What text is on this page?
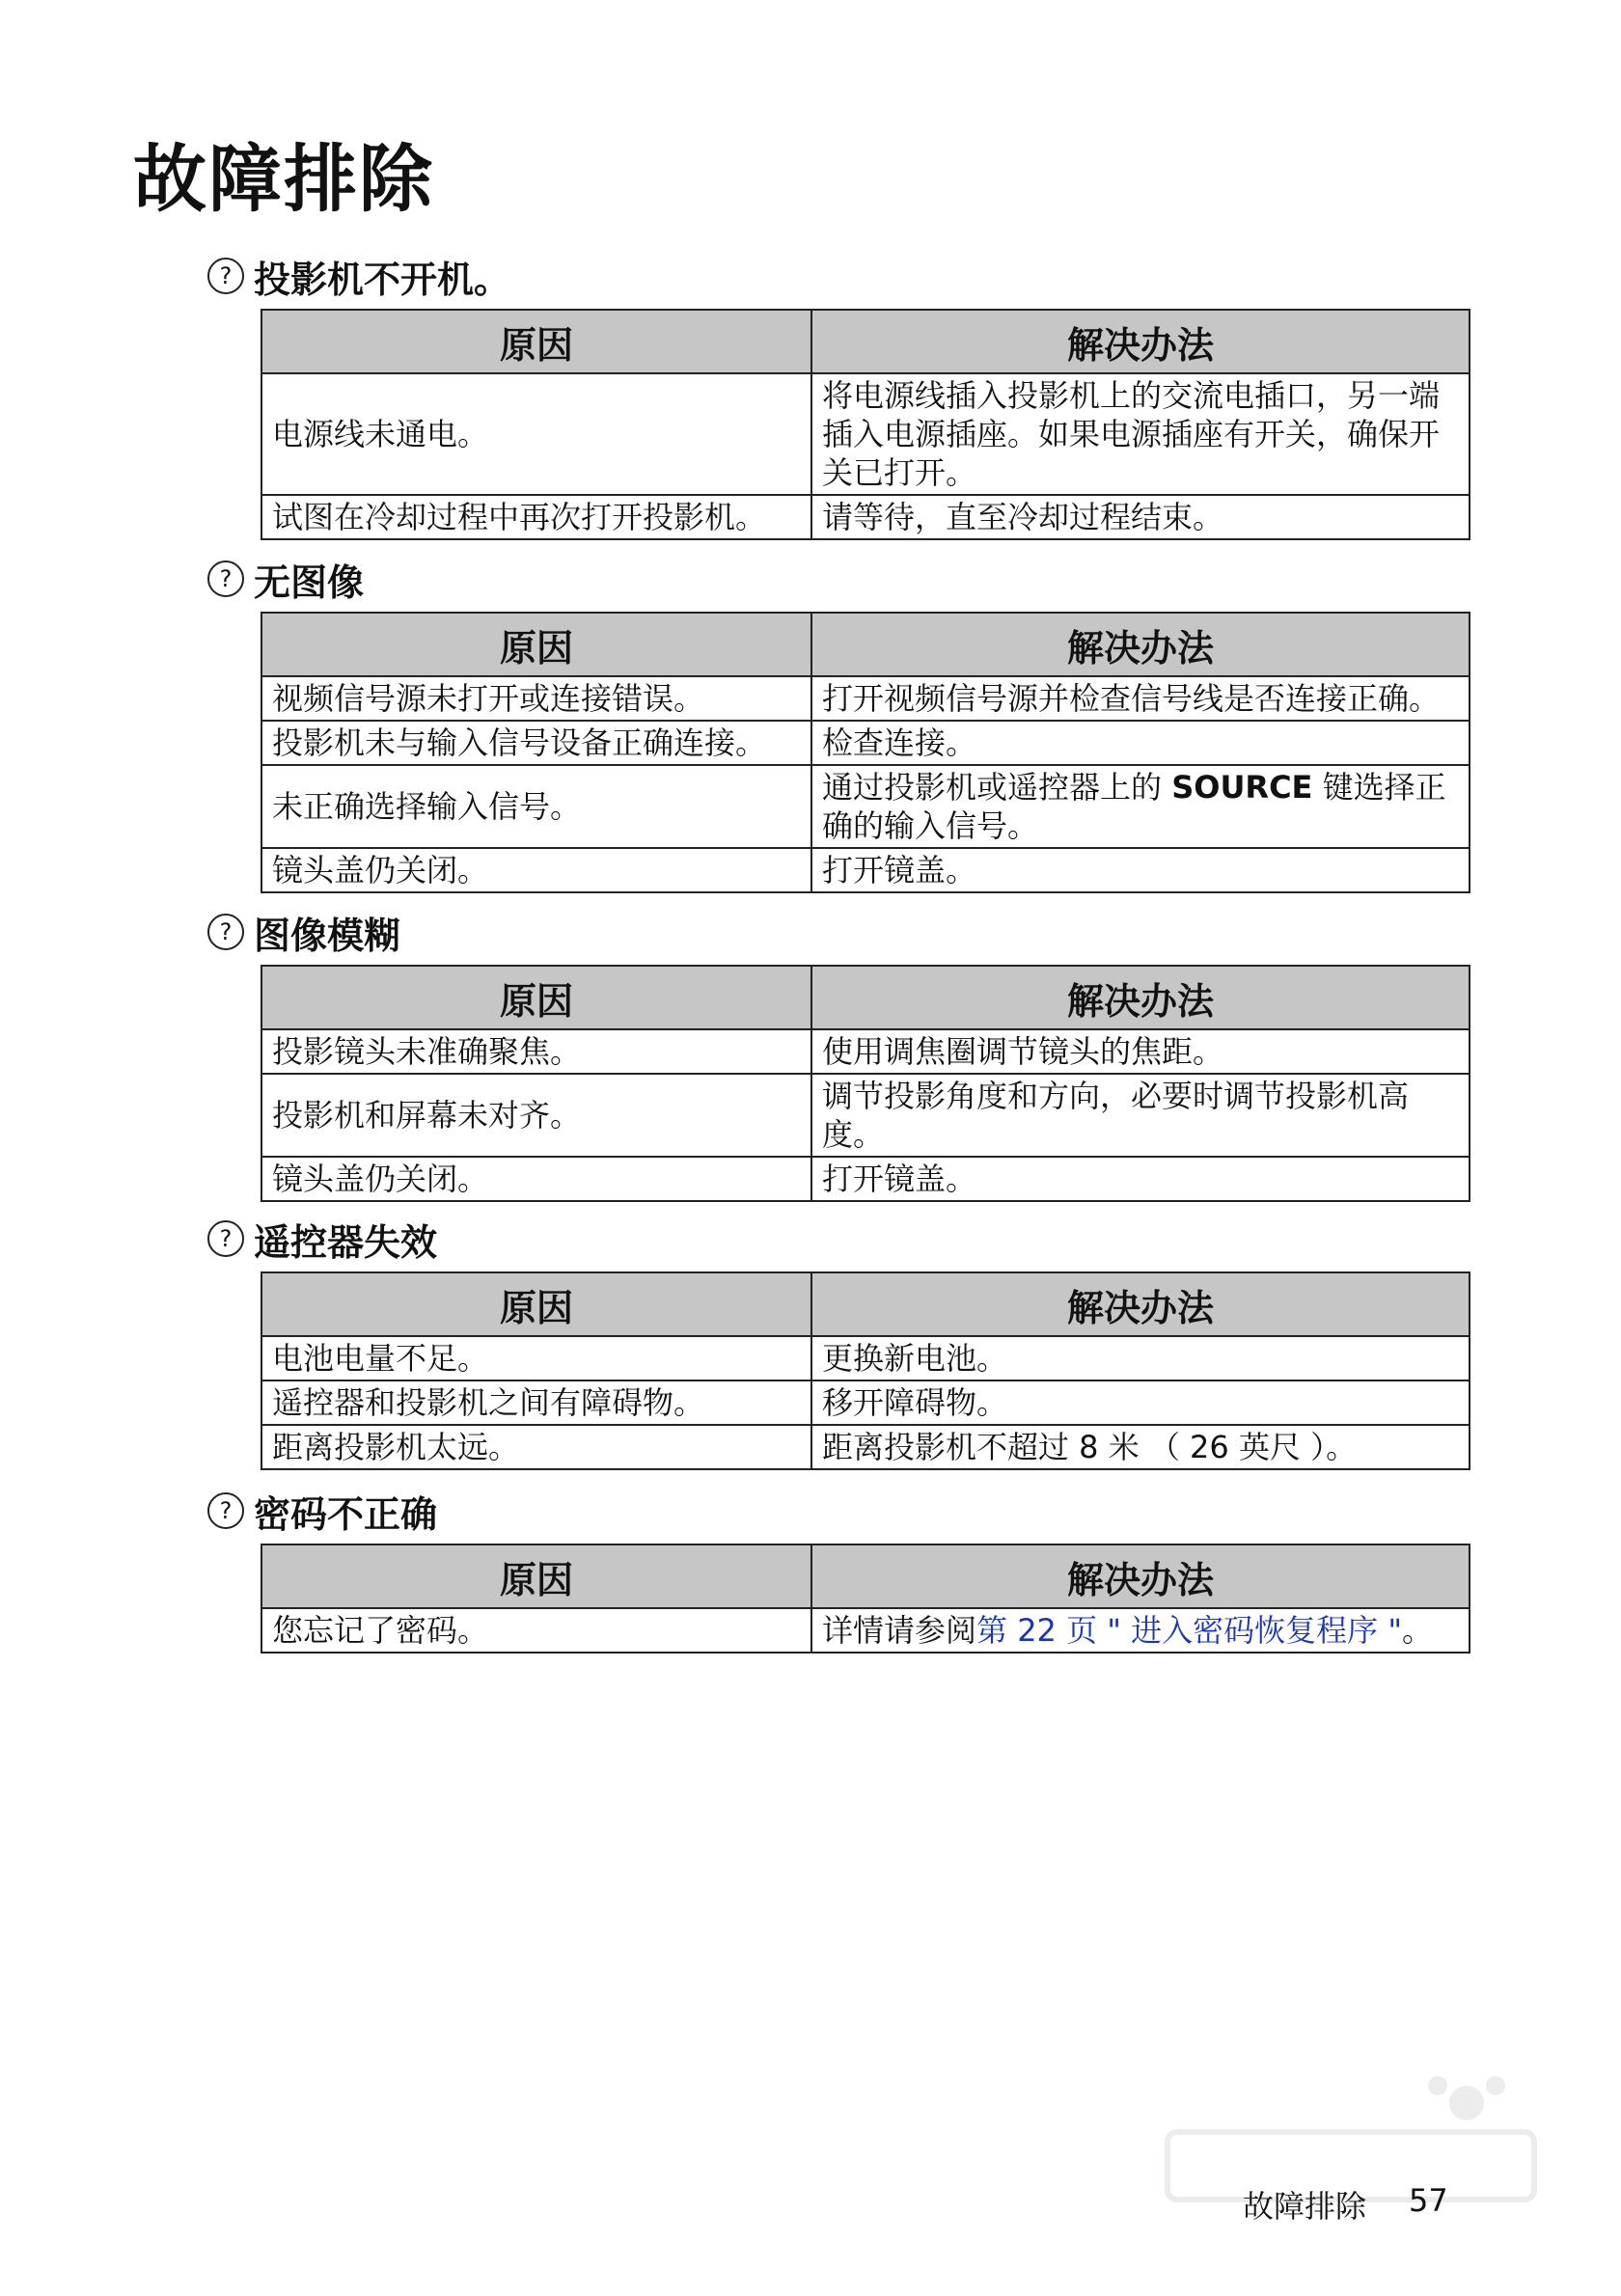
故障排除
? 投影机不开机。
原因	解决办法
电源线未通电。	将电源线插入投影机上的交流电插口，另一端插入电源插座。如果电源插座有开关，确保开关已打开。
试图在冷却过程中再次打开投影机。	请等待，直至冷却过程结束。
? 无图像
原因	解决办法
视频信号源未打开或连接错误。	打开视频信号源并检查信号线是否连接正确。
投影机未与输入信号设备正确连接。	检查连接。
未正确选择输入信号。	通过投影机或遥控器上的 SOURCE 键选择正确的输入信号。
镜头盖仍关闭。	打开镜盖。
? 图像模糊
原因	解决办法
投影镜头未准确聚焦。	使用调焦圈调节镜头的焦距。
投影机和屏幕未对齐。	调节投影角度和方向，必要时调节投影机高度。
镜头盖仍关闭。	打开镜盖。
? 遥控器失效
原因	解决办法
电池电量不足。	更换新电池。
遥控器和投影机之间有障碍物。	移开障碍物。
距离投影机太远。	距离投影机不超过 8 米 （ 26 英尺 ）。
? 密码不正确
原因	解决办法
您忘记了密码。	详情请参阅第 22 页 " 进入密码恢复程序 "。
故障排除 57
